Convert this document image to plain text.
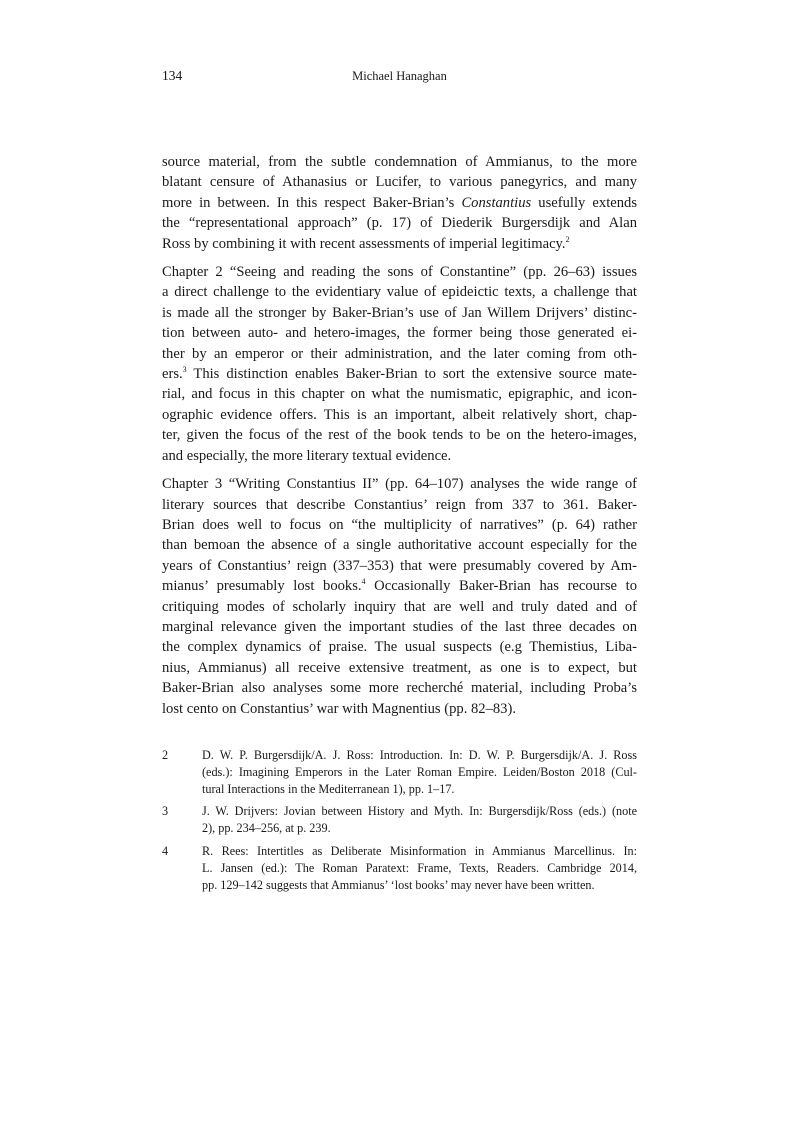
134	Michael Hanaghan
source material, from the subtle condemnation of Ammianus, to the more
blatant censure of Athanasius or Lucifer, to various panegyrics, and many
more in between. In this respect Baker-Brian’s Constantius usefully extends
the “representational approach” (p. 17) of Diederik Burgersdijk and Alan
Ross by combining it with recent assessments of imperial legitimacy.$^2$
Chapter 2 “Seeing and reading the sons of Constantine” (pp. 26–63) issues
a direct challenge to the evidentiary value of epideictic texts, a challenge that
is made all the stronger by Baker-Brian’s use of Jan Willem Drijvers’ distinc-
tion between auto- and hetero-images, the former being those generated ei-
ther by an emperor or their administration, and the later coming from oth-
ers.$^3$ This distinction enables Baker-Brian to sort the extensive source mate-
rial, and focus in this chapter on what the numismatic, epigraphic, and icon-
ographic evidence offers. This is an important, albeit relatively short, chap-
ter, given the focus of the rest of the book tends to be on the hetero-images,
and especially, the more literary textual evidence.
Chapter 3 “Writing Constantius II” (pp. 64–107) analyses the wide range of
literary sources that describe Constantius’ reign from 337 to 361. Baker-
Brian does well to focus on “the multiplicity of narratives” (p. 64) rather
than bemoan the absence of a single authoritative account especially for the
years of Constantius’ reign (337–353) that were presumably covered by Am-
mianus’ presumably lost books.$^4$ Occasionally Baker-Brian has recourse to
critiquing modes of scholarly inquiry that are well and truly dated and of
marginal relevance given the important studies of the last three decades on
the complex dynamics of praise. The usual suspects (e.g Themistius, Liba-
nius, Ammianus) all receive extensive treatment, as one is to expect, but
Baker-Brian also analyses some more recherché material, including Proba’s
lost cento on Constantius’ war with Magnentius (pp. 82–83).
2	D. W. P. Burgersdijk/A. J. Ross: Introduction. In: D. W. P. Burgersdijk/A. J. Ross
(eds.): Imagining Emperors in the Later Roman Empire. Leiden/Boston 2018 (Cul-
tural Interactions in the Mediterranean 1), pp. 1–17.
3	J. W. Drijvers: Jovian between History and Myth. In: Burgersdijk/Ross (eds.) (note
2), pp. 234–256, at p. 239.
4	R. Rees: Intertitles as Deliberate Misinformation in Ammianus Marcellinus. In:
L. Jansen (ed.): The Roman Paratext: Frame, Texts, Readers. Cambridge 2014,
pp. 129–142 suggests that Ammianus’ ‘lost books’ may never have been written.
